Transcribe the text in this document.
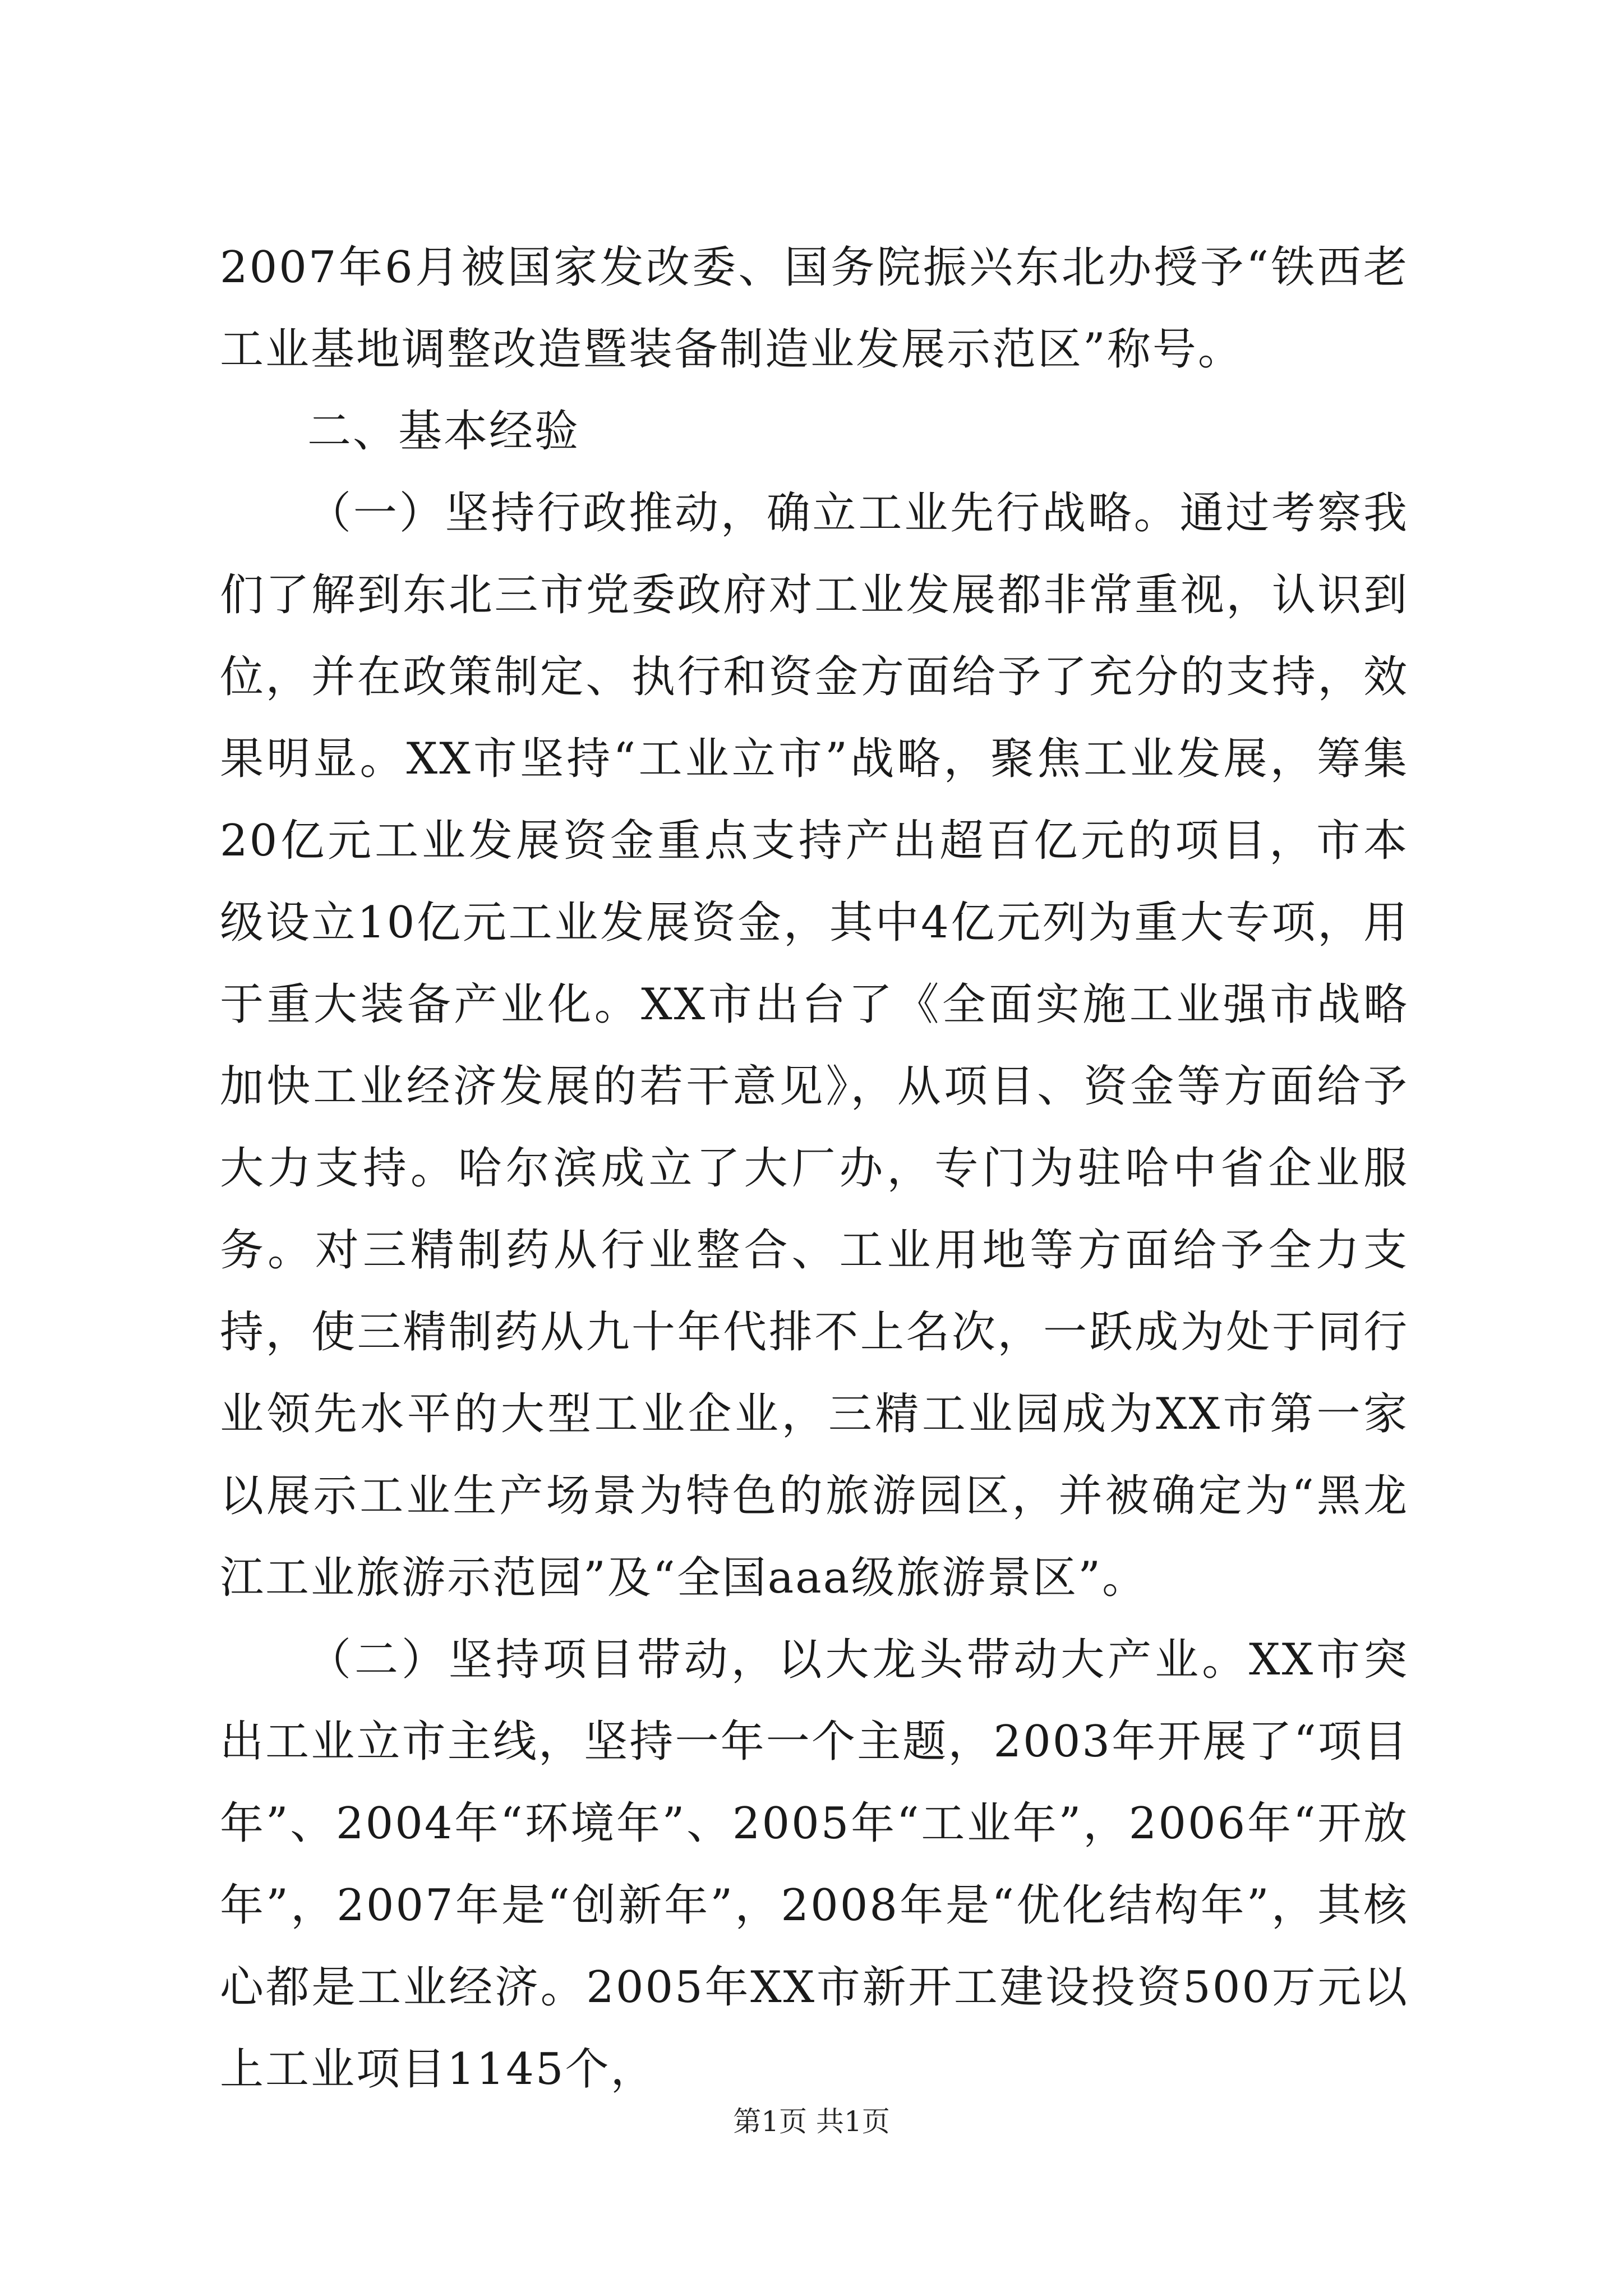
2007年6月被国家发改委、国务院振兴东北办授予“铁西老工业基地调整改造暨装备制造业发展示范区”称号。

二、基本经验

（一）坚持行政推动，确立工业先行战略。通过考察我们了解到东北三市党委政府对工业发展都非常重视，认识到位，并在政策制定、执行和资金方面给予了充分的支持，效果明显。XX市坚持“工业立市”战略，聚焦工业发展，筹集20亿元工业发展资金重点支持产出超百亿元的项目，市本级设立10亿元工业发展资金，其中4亿元列为重大专项，用于重大装备产业化。XX市出台了《全面实施工业强市战略加快工业经济发展的若干意见》，从项目、资金等方面给予大力支持。哈尔滨成立了大厂办，专门为驻哈中省企业服务。对三精制药从行业整合、工业用地等方面给予全力支持，使三精制药从九十年代排不上名次，一跃成为处于同行业领先水平的大型工业企业，三精工业园成为XX市第一家以展示工业生产场景为特色的旅游园区，并被确定为“黑龙江工业旅游示范园”及“全国aaa级旅游景区”。

（二）坚持项目带动，以大龙头带动大产业。XX市突出工业立市主线，坚持一年一个主题，2003年开展了“项目年”、2004年“环境年”、2005年“工业年”，2006年“开放年”，2007年是“创新年”，2008年是“优化结构年”，其核心都是工业经济。2005年XX市新开工建设投资500万元以上工业项目1145个，

第1页 共1页
